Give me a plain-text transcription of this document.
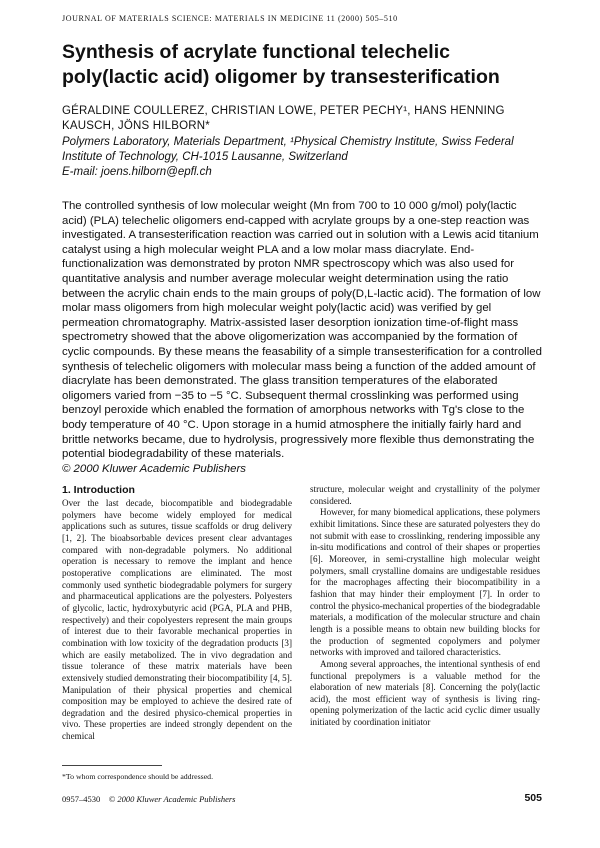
JOURNAL OF MATERIALS SCIENCE: MATERIALS IN MEDICINE 11 (2000) 505–510
Synthesis of acrylate functional telechelic poly(lactic acid) oligomer by transesterification
GÉRALDINE COULLEREZ, CHRISTIAN LOWE, PETER PECHY¹, HANS HENNING KAUSCH, JÖNS HILBORN*
Polymers Laboratory, Materials Department, ¹Physical Chemistry Institute, Swiss Federal Institute of Technology, CH-1015 Lausanne, Switzerland
E-mail: joens.hilborn@epfl.ch

The controlled synthesis of low molecular weight (Mn from 700 to 10 000 g/mol) poly(lactic acid) (PLA) telechelic oligomers end-capped with acrylate groups by a one-step reaction was investigated. A transesterification reaction was carried out in solution with a Lewis acid titanium catalyst using a high molecular weight PLA and a low molar mass diacrylate. End-functionalization was demonstrated by proton NMR spectroscopy which was also used for quantitative analysis and number average molecular weight determination using the ratio between the acrylic chain ends to the main groups of poly(D,L-lactic acid). The formation of low molar mass oligomers from high molecular weight poly(lactic acid) was verified by gel permeation chromatography. Matrix-assisted laser desorption ionization time-of-flight mass spectrometry showed that the above oligomerization was accompanied by the formation of cyclic compounds. By these means the feasability of a simple transesterification for a controlled synthesis of telechelic oligomers with molecular mass being a function of the added amount of diacrylate has been demonstrated. The glass transition temperatures of the elaborated oligomers varied from −35 to −5 °C. Subsequent thermal crosslinking was performed using benzoyl peroxide which enabled the formation of amorphous networks with Tg's close to the body temperature of 40 °C. Upon storage in a humid atmosphere the initially fairly hard and brittle networks became, due to hydrolysis, progressively more flexible thus demonstrating the potential biodegradability of these materials.
© 2000 Kluwer Academic Publishers

1. Introduction

Over the last decade, biocompatible and biodegradable polymers have become widely employed for medical applications such as sutures, tissue scaffolds or drug delivery [1, 2]. The bioabsorbable devices present clear advantages compared with non-degradable polymers. No additional operation is necessary to remove the implant and hence postoperative complications are eliminated. The most commonly used synthetic biodegradable polymers for surgery and pharmaceutical applications are the polyesters. Polyesters of glycolic, lactic, hydroxybutyric acid (PGA, PLA and PHB, respectively) and their copolyesters represent the main groups of interest due to their favorable mechanical properties in combination with low toxicity of the degradation products [3] which are easily metabolized. The in vivo degradation and tissue tolerance of these matrix materials have been extensively studied demonstrating their biocompatibility [4, 5]. Manipulation of their physical properties and chemical composition may be employed to achieve the desired rate of degradation and the desired physico-chemical properties in vivo. These properties are indeed strongly dependent on the chemical

structure, molecular weight and crystallinity of the polymer considered.

However, for many biomedical applications, these polymers exhibit limitations. Since these are saturated polyesters they do not submit with ease to crosslinking, rendering impossible any in-situ modifications and control of their shapes or properties [6]. Moreover, in semi-crystalline high molecular weight polymers, small crystalline domains are undigestable residues for the macrophages affecting their biocompatibility in a fashion that may hinder their employment [7]. In order to control the physico-mechanical properties of the biodegradable materials, a modification of the molecular structure and chain length is a possible means to obtain new building blocks for the production of segmented copolymers and polymer networks with improved and tailored characteristics.

Among several approaches, the intentional synthesis of end functional prepolymers is a valuable method for the elaboration of new materials [8]. Concerning the poly(lactic acid), the most efficient way of synthesis is living ring-opening polymerization of the lactic acid cyclic dimer usually initiated by coordination initiator

*To whom correspondence should be addressed.
0957–4530 © 2000 Kluwer Academic Publishers	505
